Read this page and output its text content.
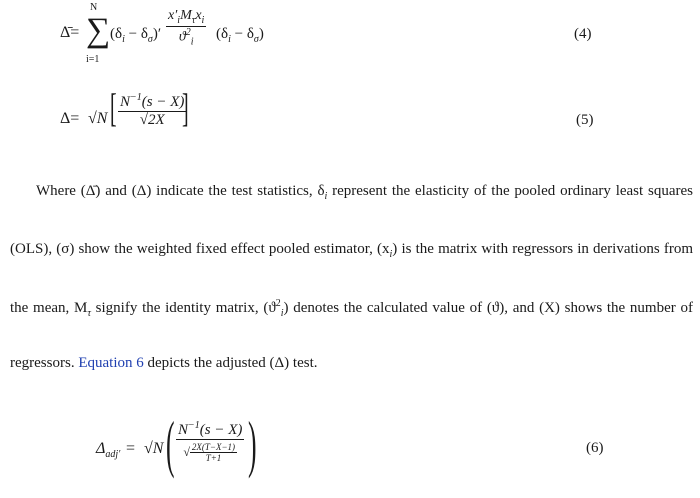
Δ̄=
N
∑
i=1
$(\delta_i - \delta_\sigma)' \frac{x'_iM_\tau x_i}{ϑ^2_i} (\delta_i - \delta_\sigma)$	(4)
Δ= √N [ $\frac{N^{-1}(s - X)}{√2X}$
]	(5)
Where (Δ̄) and (Δ) indicate the test statistics, $\delta_i$ represent the elasticity of the pooled ordinary least squares
(OLS), (σ) show the weighted fixed effect pooled estimator, $(x_i)$ is the matrix with regressors in derivations from
the mean, $M_\tau$ signify the identity matrix, $(ϑ^2_i)$ denotes the calculated value of (ϑ), and (X) shows the number of
regressors. Equation 6 depicts the adjusted (Δ) test.
$\Delta_{adj'} = √N$ ( $\frac{N^{-1}(s - X)}{√ \frac{2X(T-X-1)}{T+1}}$ )	(6)
